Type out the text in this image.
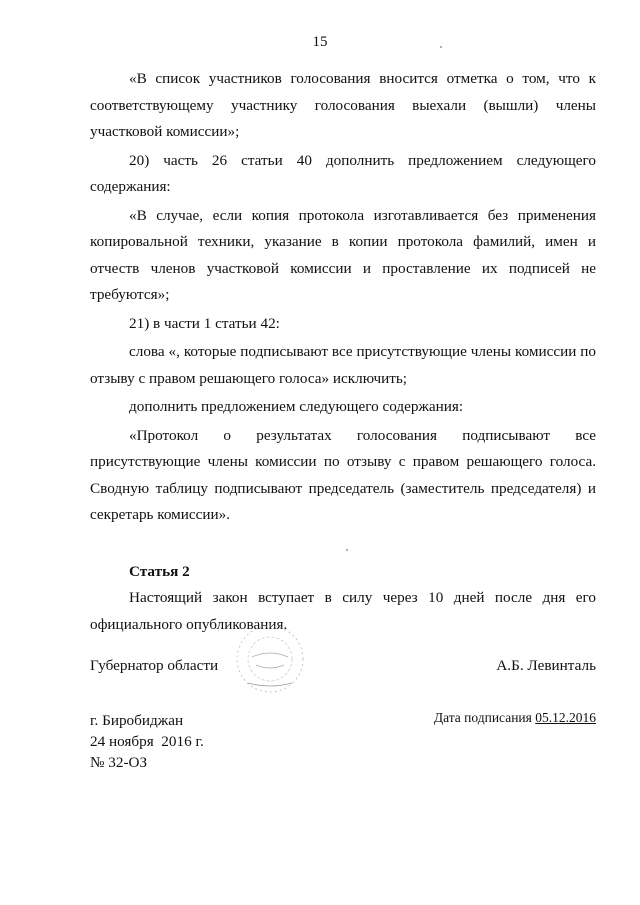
15

«В список участников голосования вносится отметка о том, что к соответствующему участнику голосования выехали (вышли) члены участковой комиссии»;

20) часть 26 статьи 40 дополнить предложением следующего содержания:

«В случае, если копия протокола изготавливается без применения копировальной техники, указание в копии протокола фамилий, имен и отчеств членов участковой комиссии и проставление их подписей не требуются»;

21) в части 1 статьи 42:

слова «, которые подписывают все присутствующие члены комиссии по отзыву с правом решающего голоса» исключить;

дополнить предложением следующего содержания:

«Протокол о результатах голосования подписывают все присутствующие члены комиссии по отзыву с правом решающего голоса. Сводную таблицу подписывают председатель (заместитель председателя) и секретарь комиссии».

Статья 2

Настоящий закон вступает в силу через 10 дней после дня его официального опубликования.

Губернатор области	А.Б. Левинталь
г. Биробиджан
24 ноября  2016 г.
№ 32-ОЗ
Дата подписания 05.12.2016
